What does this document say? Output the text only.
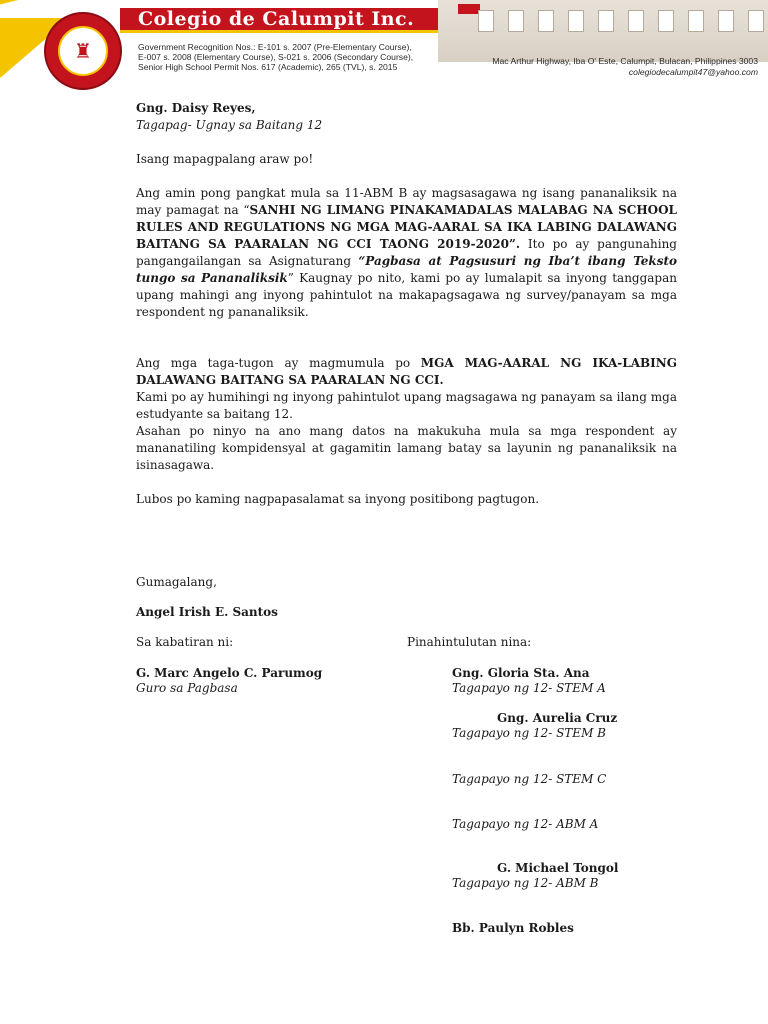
♜
Colegio de Calumpit Inc.
Government Recognition Nos.: E-101 s. 2007 (Pre-Elementary Course),
E-007 s. 2008 (Elementary Course), S-021 s. 2006 (Secondary Course),
Senior High School Permit Nos. 617 (Academic), 265 (TVL), s. 2015
Mac Arthur Highway, Iba O' Este, Calumpit, Bulacan, Philippines 3003
colegiodecalumpit47@yahoo.com
Gng. Daisy Reyes,
Tagapag- Ugnay sa Baitang 12
Isang mapagpalang araw po!

Ang amin pong pangkat mula sa 11-ABM B ay magsasagawa ng isang pananaliksik na may pamagat na “SANHI NG LIMANG PINAKAMADALAS MALABAG NA SCHOOL RULES AND REGULATIONS NG MGA MAG-AARAL SA IKA LABING DALAWANG BAITANG SA PAARALAN NG CCI TAONG 2019-2020”. Ito po ay pangunahing pangangailangan sa Asignaturang “Pagbasa at Pagsusuri ng Iba’t ibang Teksto tungo sa Pananaliksik” Kaugnay po nito, kami po ay lumalapit sa inyong tanggapan upang mahingi ang inyong pahintulot na makapagsagawa ng survey/panayam sa mga respondent ng pananaliksik.

Ang mga taga-tugon ay magmumula po MGA MAG-AARAL NG IKA-LABING DALAWANG BAITANG SA PAARALAN NG CCI.

Kami po ay humihingi ng inyong pahintulot upang magsagawa ng panayam sa ilang mga estudyante sa baitang 12.

Asahan po ninyo na ano mang datos na makukuha mula sa mga respondent ay mananatiling kompidensyal at gagamitin lamang batay sa layunin ng pananaliksik na isinasagawa.

Lubos po kaming nagpapasalamat sa inyong positibong pagtugon.
Gumagalang,
Angel Irish E. Santos
Sa kabatiran ni:	Pinahintulutan nina:
G. Marc Angelo C. Parumog
Guro sa Pagbasa
Gng. Gloria Sta. Ana
Tagapayo ng 12- STEM A
Gng. Aurelia Cruz
Tagapayo ng 12- STEM B
Tagapayo ng 12- STEM C
Tagapayo ng 12- ABM A
G. Michael Tongol
Tagapayo ng 12- ABM B
Bb. Paulyn Robles
